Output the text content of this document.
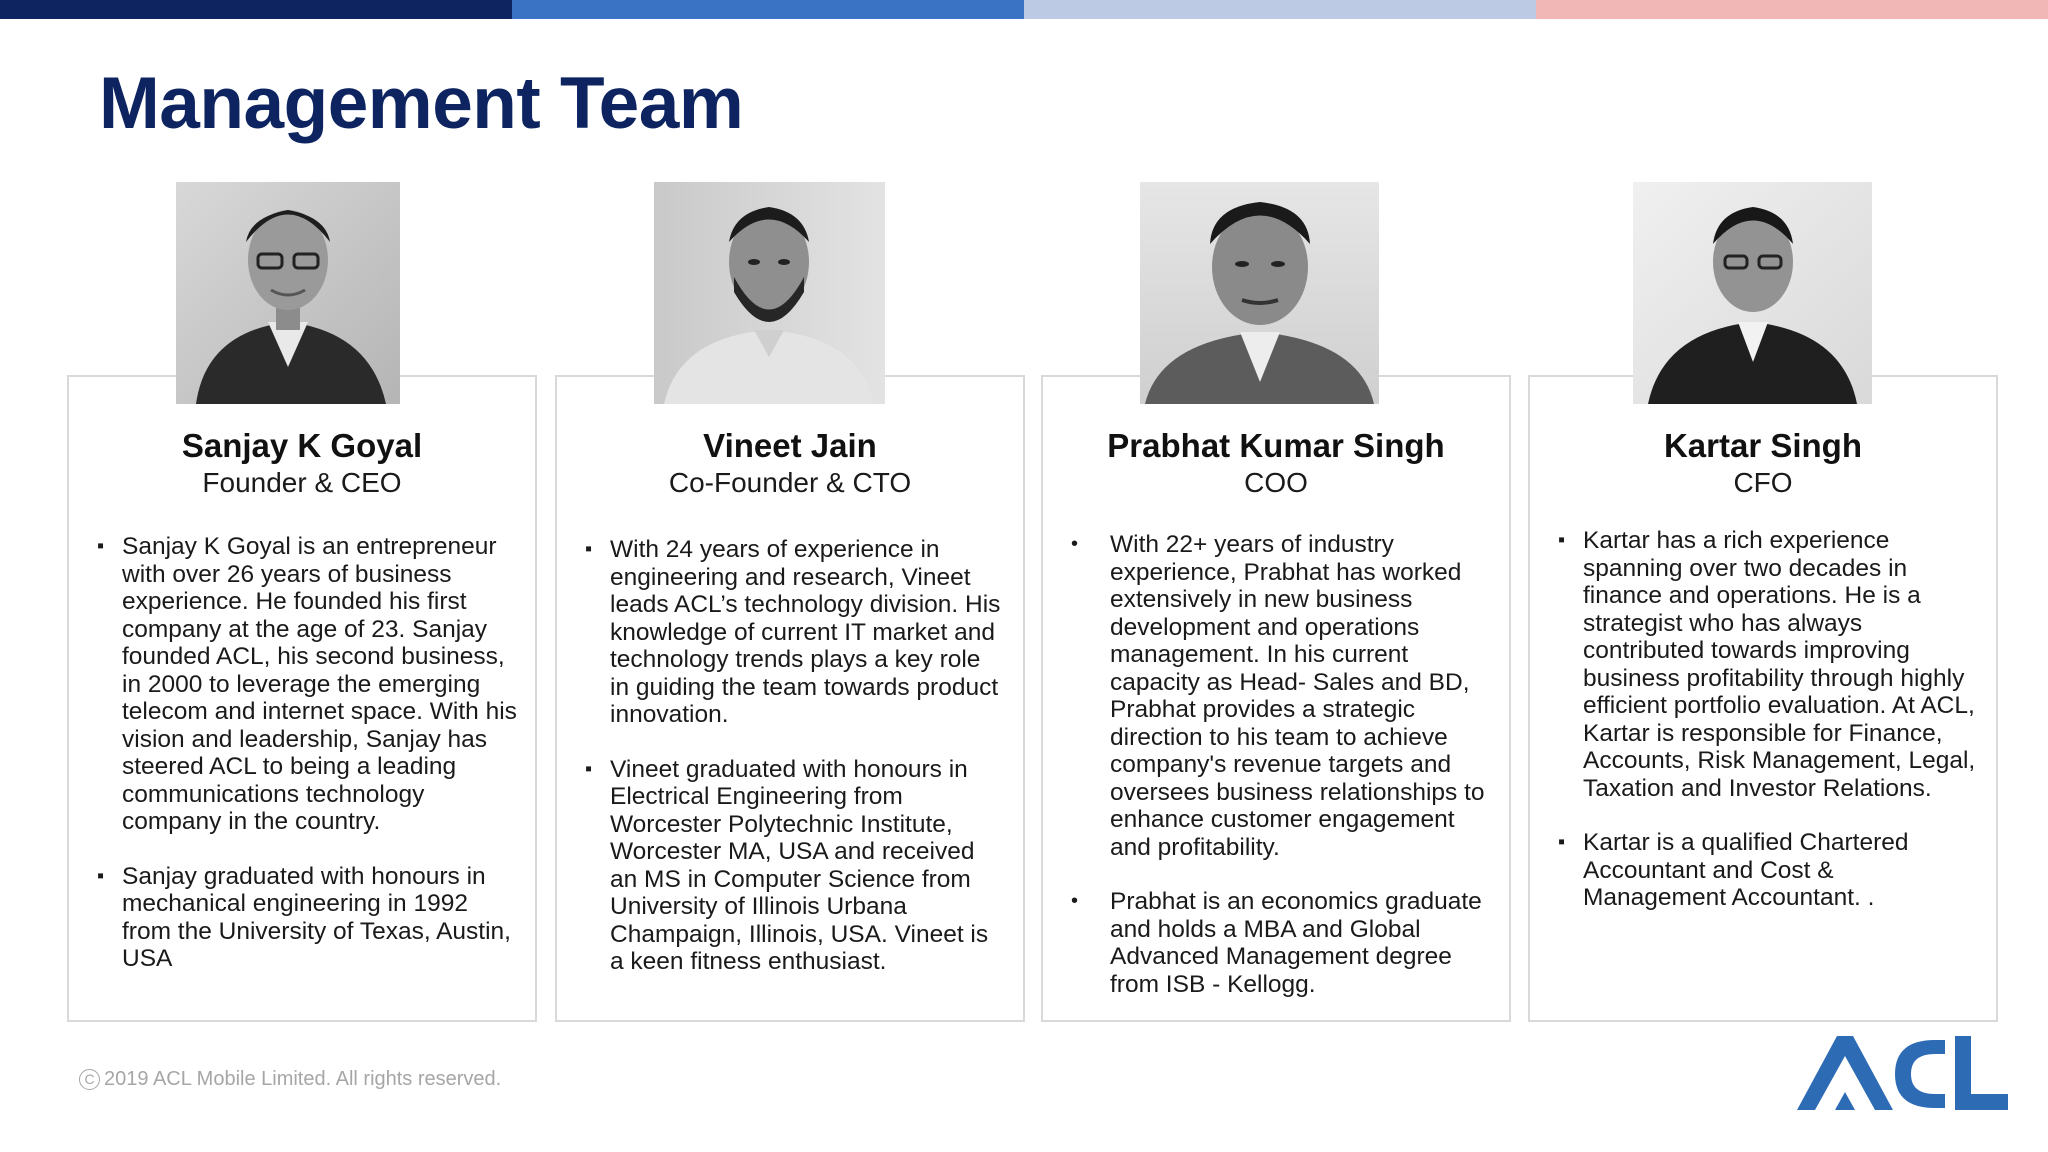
Management Team
Sanjay K Goyal
Founder & CEO
▪ Sanjay K Goyal is an entrepreneur with over 26 years of business experience. He founded his first company at the age of 23. Sanjay founded ACL, his second business, in 2000 to leverage the emerging telecom and internet space. With his vision and leadership, Sanjay has steered ACL to being a leading communications technology company in the country.
▪ Sanjay graduated with honours in mechanical engineering in 1992 from the University of Texas, Austin, USA
Vineet Jain
Co-Founder & CTO
▪ With 24 years of experience in engineering and research, Vineet leads ACL’s technology division. His knowledge of current IT market and technology trends plays a key role in guiding the team towards product innovation.
▪ Vineet graduated with honours in Electrical Engineering from Worcester Polytechnic Institute, Worcester MA, USA and received an MS in Computer Science from University of Illinois Urbana Champaign, Illinois, USA. Vineet is a keen fitness enthusiast.
Prabhat Kumar Singh
COO
• With 22+ years of industry experience, Prabhat has worked extensively in new business development and operations management. In his current capacity as Head- Sales and BD, Prabhat provides a strategic direction to his team to achieve company's revenue targets and oversees business relationships to enhance customer engagement and profitability.
• Prabhat is an economics graduate and holds a MBA and Global Advanced Management degree from ISB - Kellogg.
Kartar Singh
CFO
▪ Kartar has a rich experience spanning over two decades in finance and operations. He is a strategist who has always contributed towards improving business profitability through highly efficient portfolio evaluation. At ACL, Kartar is responsible for Finance, Accounts, Risk Management, Legal, Taxation and Investor Relations.
▪ Kartar is a qualified Chartered Accountant and Cost & Management Accountant. .
C 2019 ACL Mobile Limited. All rights reserved.
